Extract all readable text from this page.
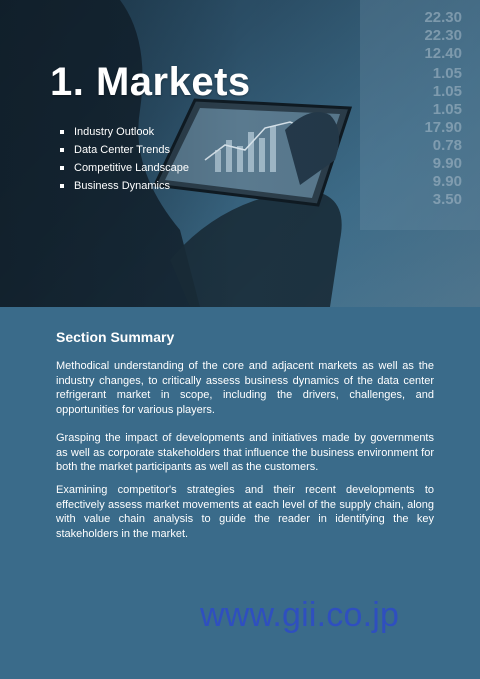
1. Markets
Industry Outlook
Data Center Trends
Competitive Landscape
Business Dynamics
Section Summary

Methodical understanding of the core and adjacent markets as well as the industry changes, to critically assess business dynamics of the data center refrigerant market in scope, including the drivers, challenges, and opportunities for various players.

Grasping the impact of developments and initiatives made by governments as well as corporate stakeholders that influence the business environment for both the market participants as well as the customers.

Examining competitor's strategies and their recent developments to effectively assess market movements at each level of the supply chain, along with value chain analysis to guide the reader in identifying the key stakeholders in the market.

www.gii.co.jp
